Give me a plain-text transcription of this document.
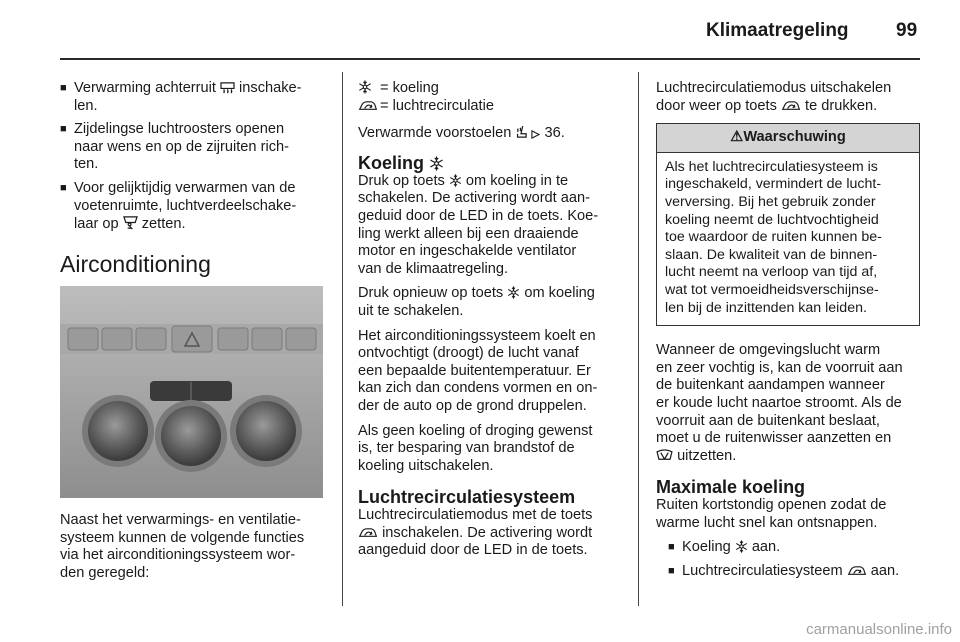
Klimaatregeling 99
■ Verwarming achterruit  inschake-
len.
■ Zijdelingse luchtroosters openen
naar wens en op de zijruiten rich-
ten.
■ Voor gelijktijdig verwarmen van de
voetenruimte, luchtverdeelschake-
laar op  zetten.
Airconditioning
Naast het verwarmings- en ventilatie-
systeem kunnen de volgende functies
via het airconditioningssysteem wor-
den geregeld:

= koeling

= luchtrecirculatie

Verwarmde voorstoelen 36.

Koeling

Druk op toets om koeling in te
schakelen. De activering wordt aan-
geduid door de LED in de toets. Koe-
ling werkt alleen bij een draaiende
motor en ingeschakelde ventilator
van de klimaatregeling.

Druk opnieuw op toets om koeling
uit te schakelen.

Het airconditioningssysteem koelt en
ontvochtigt (droogt) de lucht vanaf
een bepaalde buitentemperatuur. Er
kan zich dan condens vormen en on-
der de auto op de grond druppelen.

Als geen koeling of droging gewenst
is, ter besparing van brandstof de
koeling uitschakelen.

Luchtrecirculatiesysteem

Luchtrecirculatiemodus met de toets
inschakelen. De activering wordt
aangeduid door de LED in de toets.

Luchtrecirculatiemodus uitschakelen
door weer op toets te drukken.

⚠Waarschuwing
Als het luchtrecirculatiesysteem is
ingeschakeld, vermindert de lucht-
verversing. Bij het gebruik zonder
koeling neemt de luchtvochtigheid
toe waardoor de ruiten kunnen be-
slaan. De kwaliteit van de binnen-
lucht neemt na verloop van tijd af,
wat tot vermoeidheidsverschijnse-
len bij de inzittenden kan leiden.

Wanneer de omgevingslucht warm
en zeer vochtig is, kan de voorruit aan
de buitenkant aandampen wanneer
er koude lucht naartoe stroomt. Als de
voorruit aan de buitenkant beslaat,
moet u de ruitenwisser aanzetten en
uitzetten.

Maximale koeling

Ruiten kortstondig openen zodat de
warme lucht snel kan ontsnappen.

■ Koeling aan.
■ Luchtrecirculatiesysteem aan.
carmanualsonline.info
